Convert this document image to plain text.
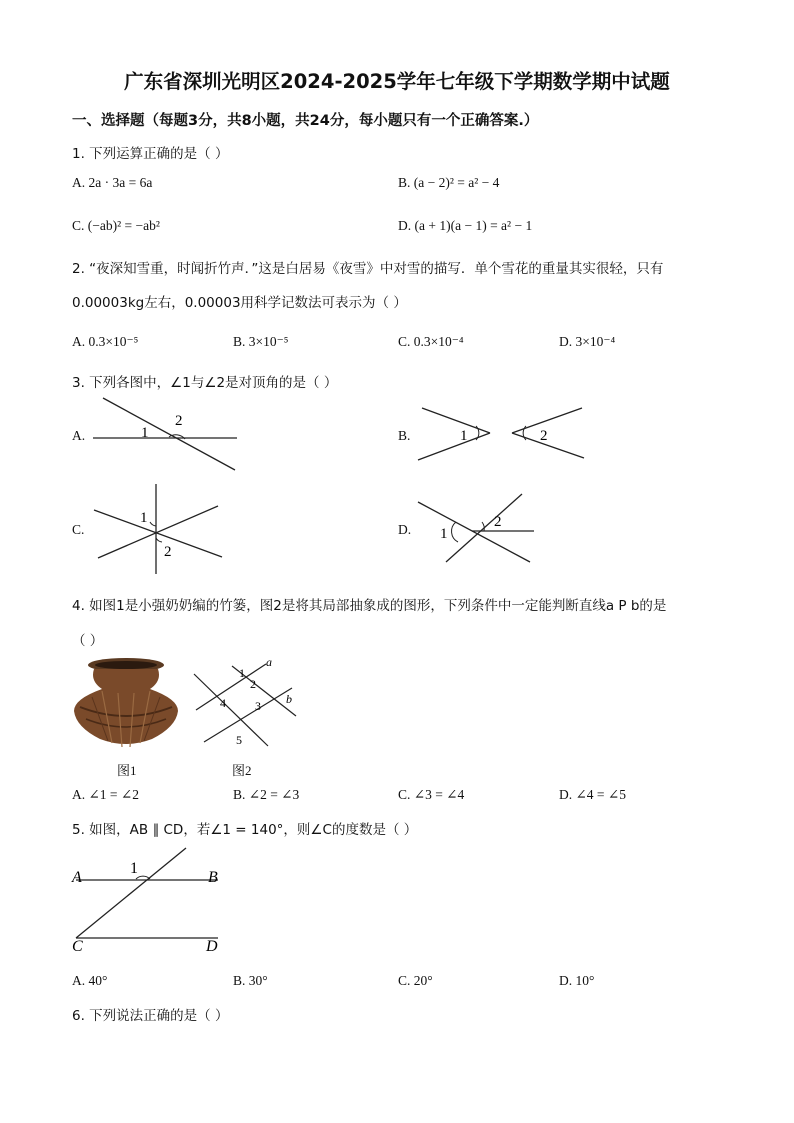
广东省深圳光明区2024-2025学年七年级下学期数学期中试题
一、选择题（每题3分，共8小题，共24分，每小题只有一个正确答案.）
1. 下列运算正确的是（ ）
A. 2a · 3a = 6a	B. (a − 2)² = a² − 4
C. (−ab)² = −ab²	D. (a + 1)(a − 1) = a² − 1
2. “夜深知雪重，时闻折竹声．”这是白居易《夜雪》中对雪的描写．单个雪花的重量其实很轻，只有
0.00003kg左右，0.00003用科学记数法可表示为（ ）
A. 0.3×10⁻⁵	B. 3×10⁻⁵	C. 0.3×10⁻⁴	D. 3×10⁻⁴
3. 下列各图中，∠1与∠2是对顶角的是（ ）
A.	1
2
B.	1	2
C.
1
2
D. 1
2
4. 如图1是小强奶奶编的竹篓，图2是将其局部抽象成的图形，下列条件中一定能判断直线a P b的是
（ ）
图1
a
b
1
2
3
4
5
图2
A. ∠1 = ∠2	B. ∠2 = ∠3	C. ∠3 = ∠4	D. ∠4 = ∠5
5. 如图，AB ∥ CD，若∠1 = 140°，则∠C的度数是（ ）
A	B
C	D
1
A. 40°	B. 30°	C. 20°	D. 10°
6. 下列说法正确的是（ ）
